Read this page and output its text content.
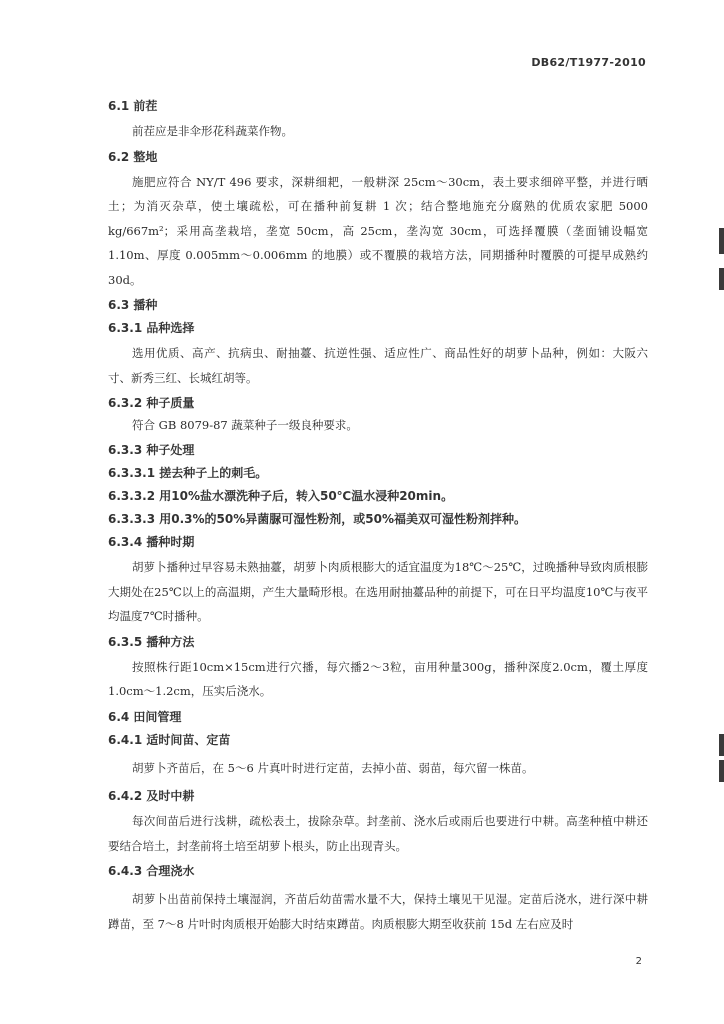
DB62/T1977-2010

6.1 前茬

前茬应是非伞形花科蔬菜作物。

6.2 整地

施肥应符合 NY/T 496 要求，深耕细耙，一般耕深 25cm～30cm，表土要求细碎平整，并进行晒土；为消灭杂草，使土壤疏松，可在播种前复耕 1 次；结合整地施充分腐熟的优质农家肥 5000 kg/667m²；采用高垄栽培，垄宽 50cm，高 25cm，垄沟宽 30cm，可选择覆膜（垄面铺设幅宽 1.10m、厚度 0.005mm～0.006mm 的地膜）或不覆膜的栽培方法，同期播种时覆膜的可提早成熟约 30d。

6.3 播种

6.3.1 品种选择

选用优质、高产、抗病虫、耐抽薹、抗逆性强、适应性广、商品性好的胡萝卜品种，例如：大阪六寸、新秀三红、长城红胡等。

6.3.2 种子质量

符合 GB 8079-87 蔬菜种子一级良种要求。

6.3.3 种子处理

6.3.3.1 搓去种子上的刺毛。

6.3.3.2 用10%盐水漂洗种子后，转入50℃温水浸种20min。

6.3.3.3 用0.3%的50%异菌脲可湿性粉剂，或50%福美双可湿性粉剂拌种。

6.3.4 播种时期

胡萝卜播种过早容易未熟抽薹，胡萝卜肉质根膨大的适宜温度为18℃～25℃，过晚播种导致肉质根膨大期处在25℃以上的高温期，产生大量畸形根。在选用耐抽薹品种的前提下，可在日平均温度10℃与夜平均温度7℃时播种。

6.3.5 播种方法

按照株行距10cm×15cm进行穴播，每穴播2～3粒，亩用种量300g，播种深度2.0cm，覆土厚度1.0cm～1.2cm，压实后浇水。

6.4 田间管理

6.4.1 适时间苗、定苗

胡萝卜齐苗后，在 5～6 片真叶时进行定苗，去掉小苗、弱苗，每穴留一株苗。

6.4.2 及时中耕

每次间苗后进行浅耕，疏松表土，拔除杂草。封垄前、浇水后或雨后也要进行中耕。高垄种植中耕还要结合培土，封垄前将土培至胡萝卜根头，防止出现青头。

6.4.3 合理浇水

胡萝卜出苗前保持土壤湿润，齐苗后幼苗需水量不大，保持土壤见干见湿。定苗后浇水，进行深中耕蹲苗，至 7～8 片叶时肉质根开始膨大时结束蹲苗。肉质根膨大期至收获前 15d 左右应及时

2
